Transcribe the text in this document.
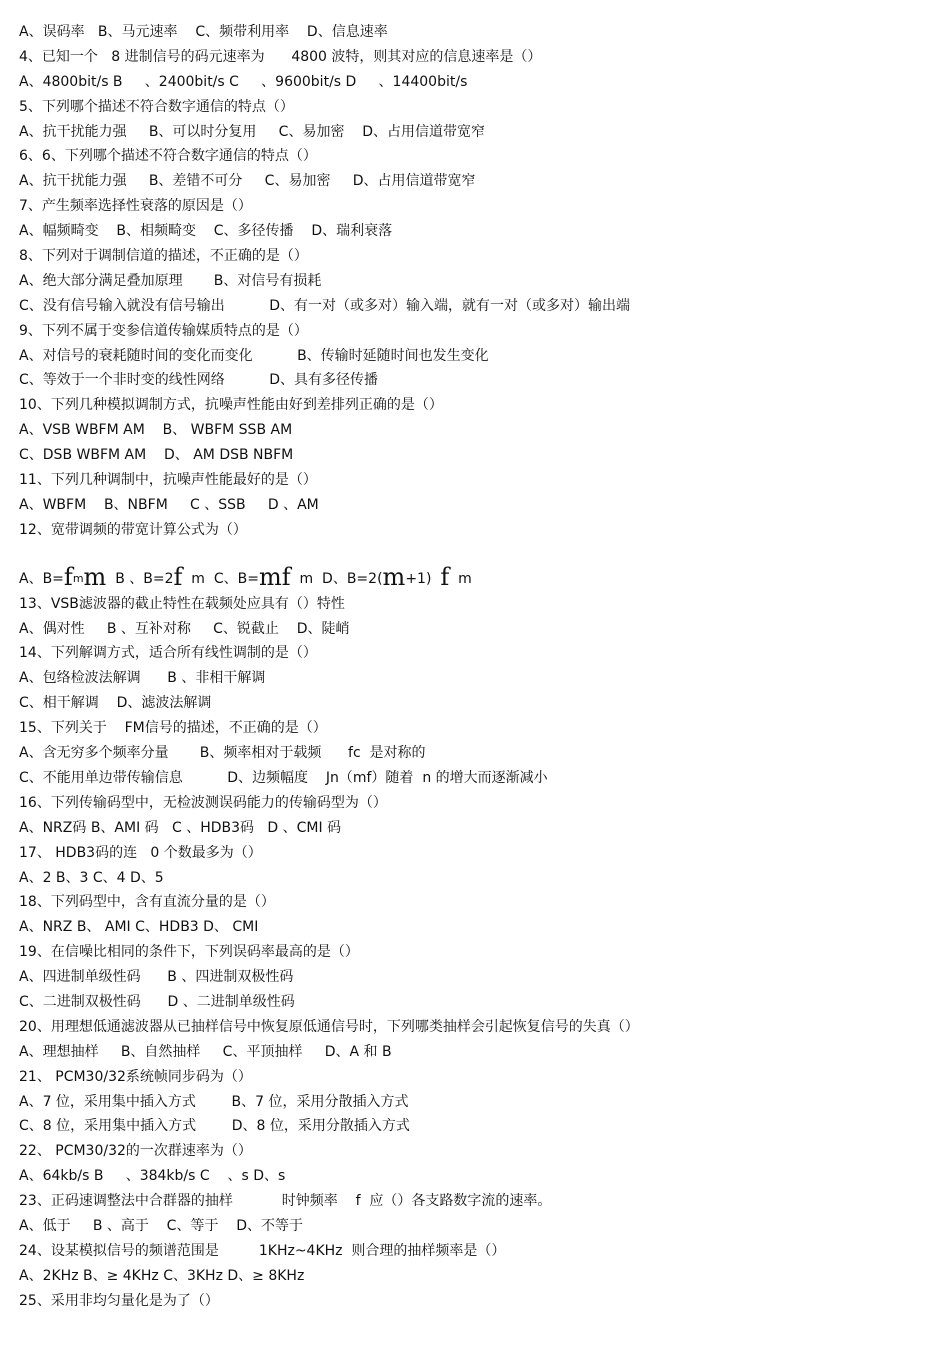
A、误码率   B、马元速率    C、频带利用率    D、信息速率
4、已知一个   8 进制信号的码元速率为      4800 波特，则其对应的信息速率是（）
A、4800bit/s B     、2400bit/s C     、9600bit/s D     、14400bit/s
5、下列哪个描述不符合数字通信的特点（）
A、抗干扰能力强     B、可以时分复用     C、易加密    D、占用信道带宽窄
6、6、下列哪个描述不符合数字通信的特点（）
A、抗干扰能力强     B、差错不可分     C、易加密     D、占用信道带宽窄
7、产生频率选择性衰落的原因是（）
A、幅频畸变    B、相频畸变    C、多径传播    D、瑞利衰落
8、下列对于调制信道的描述，不正确的是（）
A、绝大部分满足叠加原理       B、对信号有损耗
C、没有信号输入就没有信号输出          D、有一对（或多对）输入端，就有一对（或多对）输出端
9、下列不属于变参信道传输媒质特点的是（）
A、对信号的衰耗随时间的变化而变化          B、传输时延随时间也发生变化
C、等效于一个非时变的线性网络          D、具有多径传播
10、下列几种模拟调制方式，抗噪声性能由好到差排列正确的是（）
A、VSB WBFM AM    B、 WBFM SSB AM
C、DSB WBFM AM    D、 AM DSB NBFM
11、下列几种调制中，抗噪声性能最好的是（）
A、WBFM    B、NBFM     C 、SSB     D 、AM
12、宽带调频的带宽计算公式为（）
A、B= f m m B 、B=2 f m  C、B= m f m  D、B=2( m +1) f m
13、VSB滤波器的截止特性在载频处应具有（）特性
A、偶对性     B 、互补对称     C、锐截止    D、陡峭
14、下列解调方式，适合所有线性调制的是（）
A、包络检波法解调      B 、非相干解调
C、相干解调    D、滤波法解调
15、下列关于    FM信号的描述，不正确的是（）
A、含无穷多个频率分量       B、频率相对于载频      fc  是对称的
C、不能用单边带传输信息          D、边频幅度    Jn（mf）随着  n 的增大而逐渐减小
16、下列传输码型中，无检波测误码能力的传输码型为（）
A、NRZ码 B、AMI 码   C 、HDB3码   D 、CMI 码
17、 HDB3码的连   0 个数最多为（）
A、2 B、3 C、4 D、5
18、下列码型中，含有直流分量的是（）
A、NRZ B、 AMI C、HDB3 D、 CMI
19、在信噪比相同的条件下，下列误码率最高的是（）
A、四进制单级性码      B 、四进制双极性码
C、二进制双极性码      D 、二进制单级性码
20、用理想低通滤波器从已抽样信号中恢复原低通信号时，下列哪类抽样会引起恢复信号的失真（）
A、理想抽样     B、自然抽样     C、平顶抽样     D、A 和 B
21、 PCM30/32系统帧同步码为（）
A、7 位，采用集中插入方式        B、7 位，采用分散插入方式
C、8 位，采用集中插入方式        D、8 位，采用分散插入方式
22、 PCM30/32的一次群速率为（）
A、64kb/s B     、384kb/s C    、s D、s
23、正码速调整法中合群器的抽样           时钟频率    f  应（）各支路数字流的速率。
A、低于     B 、高于    C、等于    D、不等于
24、设某模拟信号的频谱范围是         1KHz~4KHz  则合理的抽样频率是（）
A、2KHz B、≥ 4KHz C、3KHz D、≥ 8KHz
25、采用非均匀量化是为了（）
